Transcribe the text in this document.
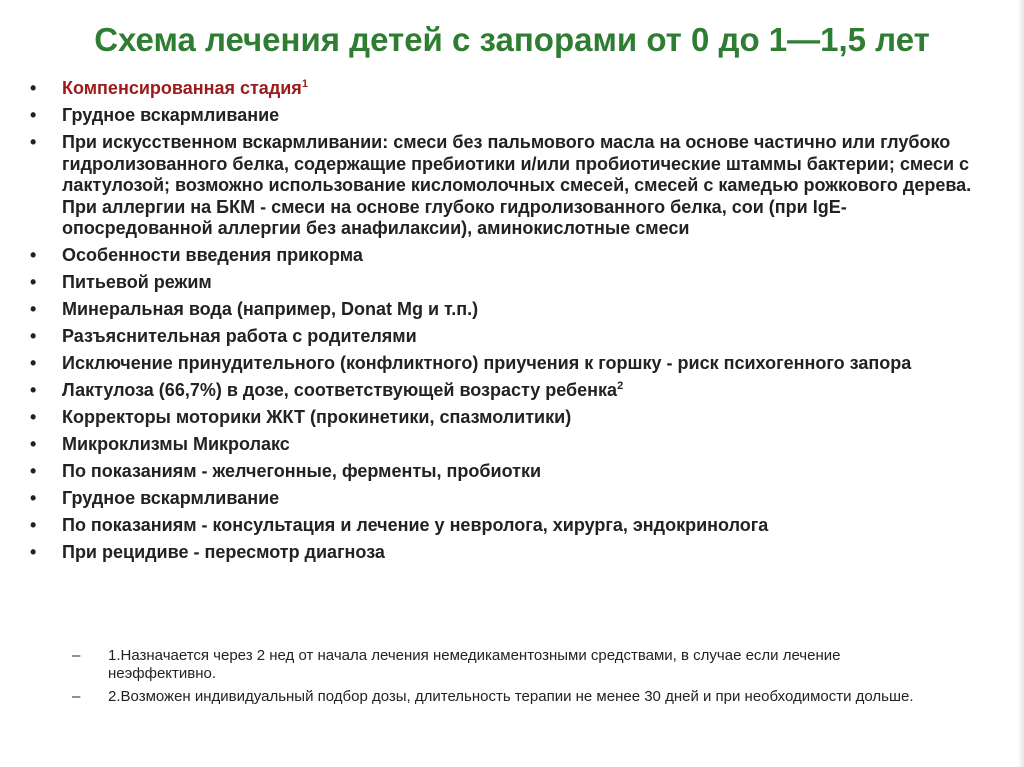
Схема лечения детей с запорами от 0 до 1—1,5 лет
•	Компенсированная стадия$^1$
•	Грудное вскармливание
•	При искусственном вскармливании: смеси без пальмового масла на основе частично или глубоко гидролизованного белка, содержащие пребиотики и/или пробиотические штаммы бактерии; смеси с лактулозой; возможно использование кисломолочных смесей, смесей с камедью рожкового дерева. При аллергии на БКМ - смеси на основе глубоко гидролизованного белка, сои (при IgE-опосредованной аллергии без анафилаксии), аминокислотные смеси
•	Особенности введения прикорма
•	Питьевой режим
•	Минеральная вода (например, Donat Mg и т.п.)
•	Разъяснительная работа с родителями
•	Исключение принудительного (конфликтного) приучения к горшку - риск психогенного запора
•	Лактулоза (66,7%) в дозе, соответствующей возрасту ребенка$^2$
•	Корректоры моторики ЖКТ (прокинетики, спазмолитики)
•	Микроклизмы Микролакс
•	По показаниям - желчегонные, ферменты, пробиотки
•	Грудное вскармливание
•	По показаниям - консультация и лечение у невролога, хирурга, эндокринолога
•	При рецидиве - пересмотр диагноза
– 1.Назначается через 2 нед от начала лечения немедикаментозными средствами, в случае если лечение неэффективно.
– 2.Возможен индивидуальный подбор дозы, длительность терапии не менее 30 дней и при необходимости дольше.
